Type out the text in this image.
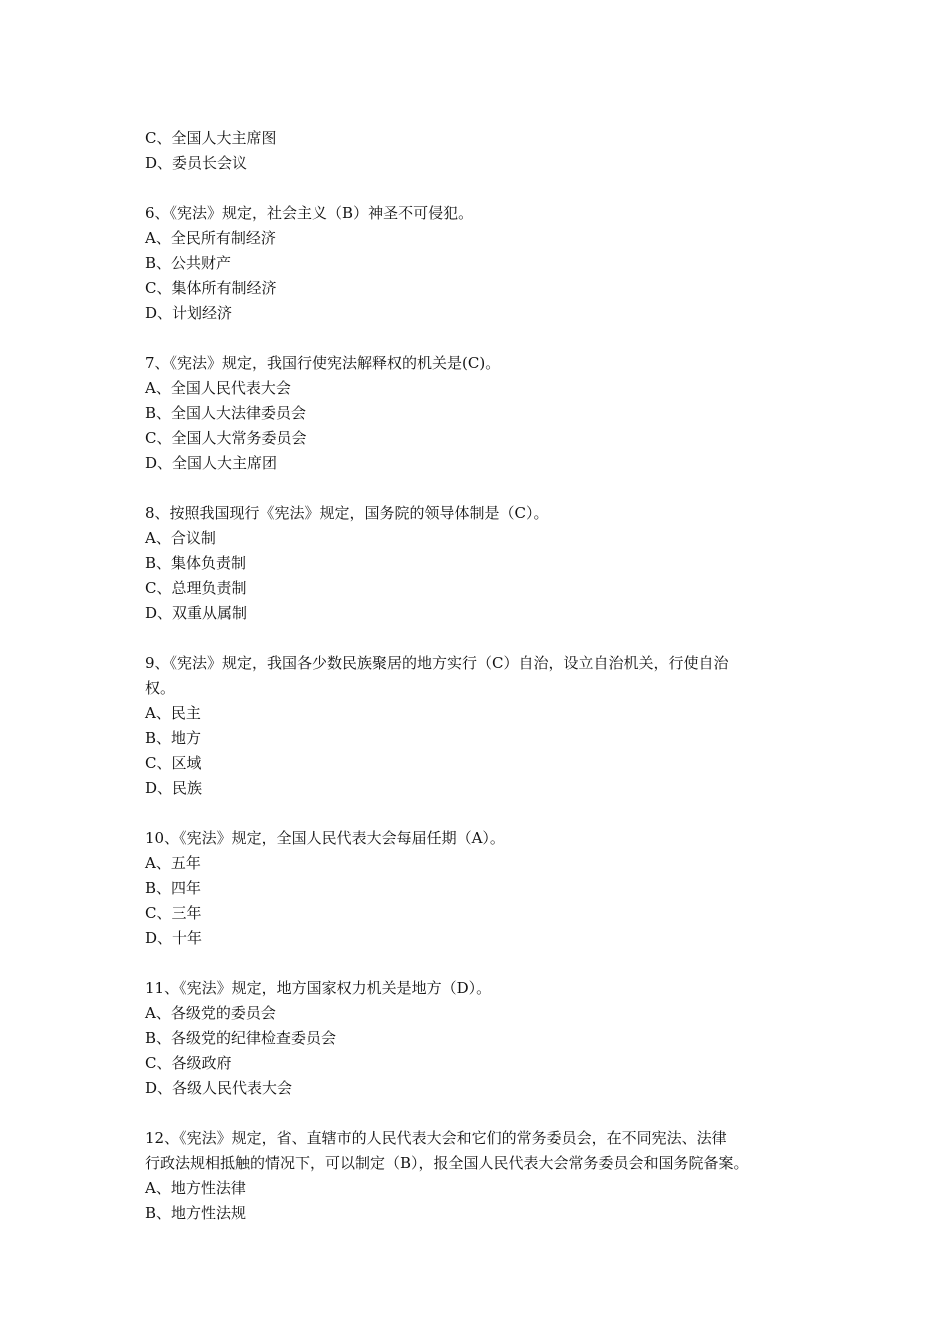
C、全国人大主席图
D、委员长会议
6、《宪法》规定，社会主义（B）神圣不可侵犯。
A、全民所有制经济
B、公共财产
C、集体所有制经济
D、计划经济
7、《宪法》规定，我国行使宪法解释权的机关是(C)。
A、全国人民代表大会
B、全国人大法律委员会
C、全国人大常务委员会
D、全国人大主席团
8、按照我国现行《宪法》规定，国务院的领导体制是（C）。
A、合议制
B、集体负责制
C、总理负责制
D、双重从属制
9、《宪法》规定，我国各少数民族聚居的地方实行（C）自治，设立自治机关，行使自治
权。
A、民主
B、地方
C、区域
D、民族
10、《宪法》规定，全国人民代表大会每届任期（A）。
A、五年
B、四年
C、三年
D、十年
11、《宪法》规定，地方国家权力机关是地方（D）。
A、各级党的委员会
B、各级党的纪律检查委员会
C、各级政府
D、各级人民代表大会
12、《宪法》规定，省、直辖市的人民代表大会和它们的常务委员会，在不同宪法、法律
行政法规相抵触的情况下，可以制定（B），报全国人民代表大会常务委员会和国务院备案。
A、地方性法律
B、地方性法规
